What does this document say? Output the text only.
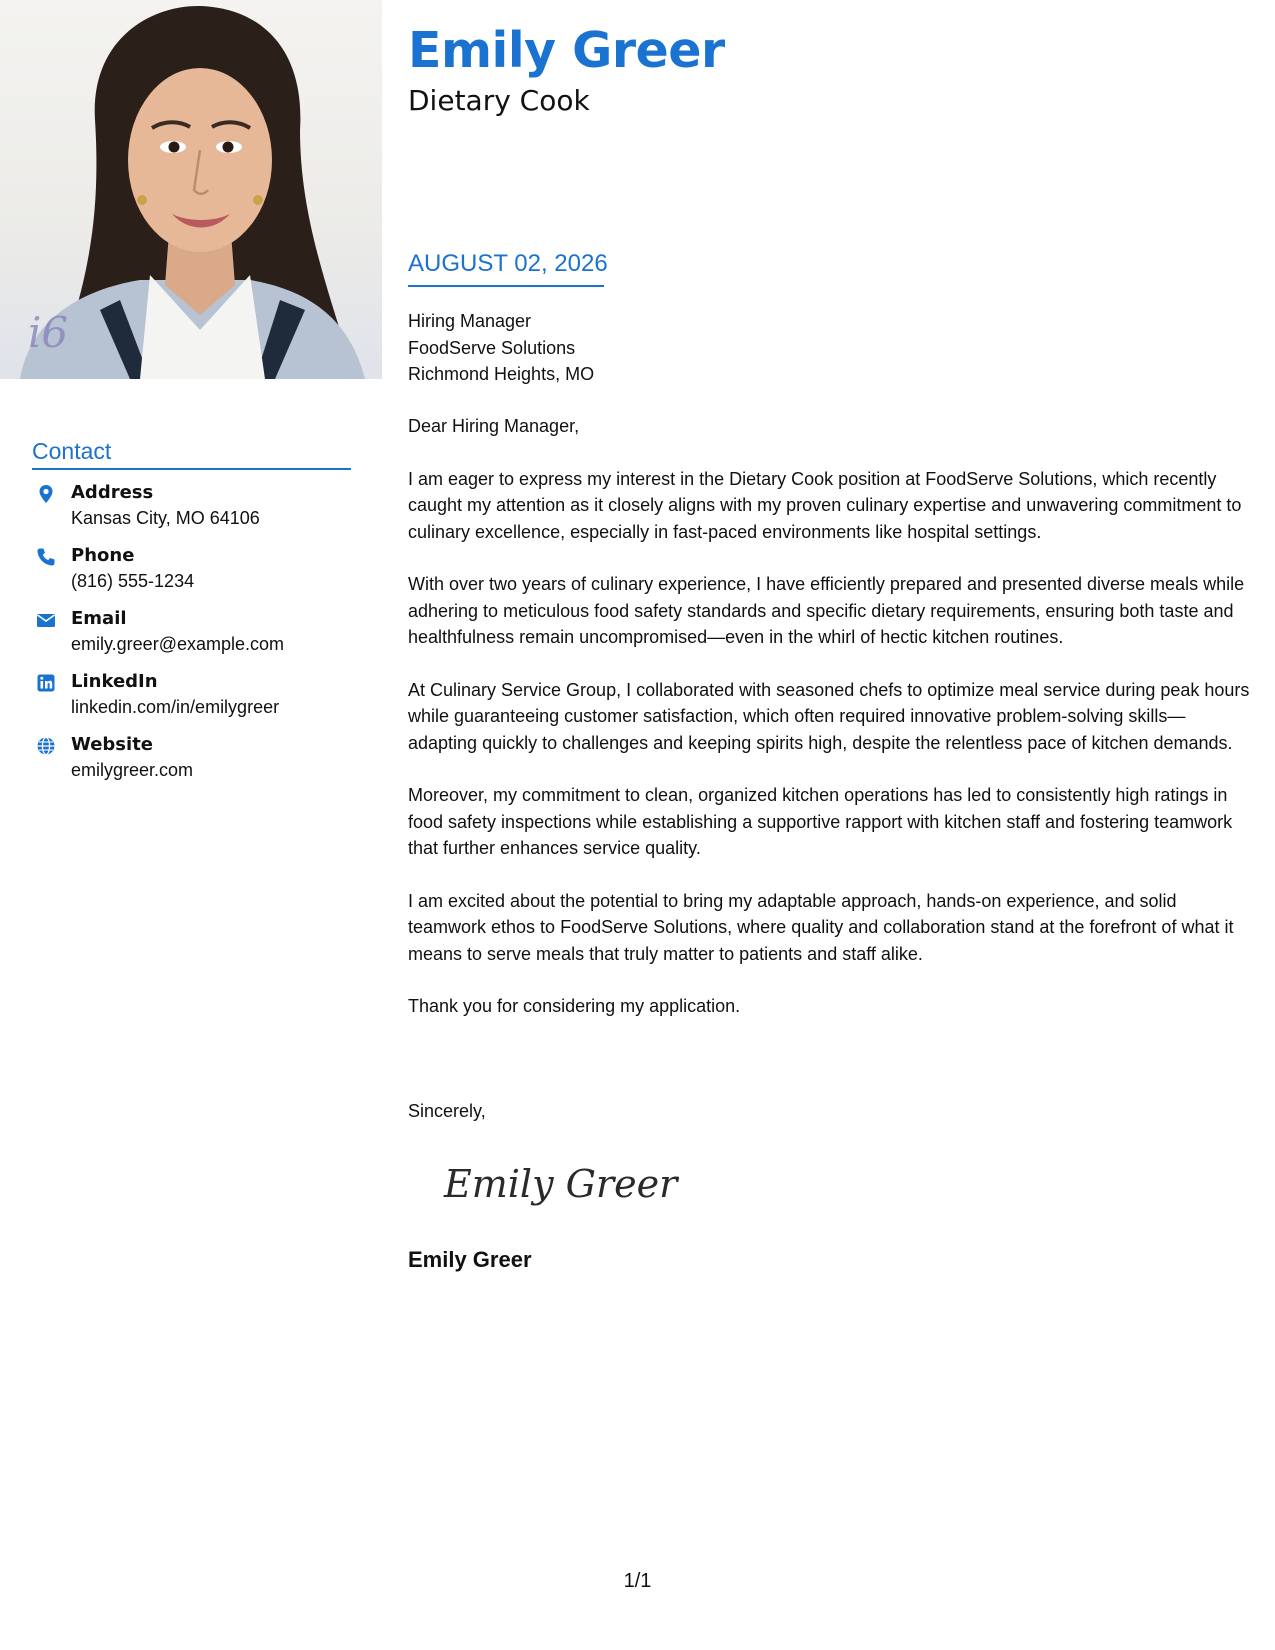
i6
Emily Greer
Dietary Cook
AUGUST 02, 2026
Hiring Manager
FoodServe Solutions
Richmond Heights, MO

Dear Hiring Manager,

I am eager to express my interest in the Dietary Cook position at FoodServe Solutions, which recently caught my attention as it closely aligns with my proven culinary expertise and unwavering commitment to culinary excellence, especially in fast-paced environments like hospital settings.

With over two years of culinary experience, I have efficiently prepared and presented diverse meals while adhering to meticulous food safety standards and specific dietary requirements, ensuring both taste and healthfulness remain uncompromised—even in the whirl of hectic kitchen routines.

At Culinary Service Group, I collaborated with seasoned chefs to optimize meal service during peak hours while guaranteeing customer satisfaction, which often required innovative problem-solving skills—adapting quickly to challenges and keeping spirits high, despite the relentless pace of kitchen demands.

Moreover, my commitment to clean, organized kitchen operations has led to consistently high ratings in food safety inspections while establishing a supportive rapport with kitchen staff and fostering teamwork that further enhances service quality.

I am excited about the potential to bring my adaptable approach, hands-on experience, and solid teamwork ethos to FoodServe Solutions, where quality and collaboration stand at the forefront of what it means to serve meals that truly matter to patients and staff alike.

Thank you for considering my application.

Sincerely,
Emily Greer
Emily Greer
Contact
Address
Kansas City, MO 64106
Phone
(816) 555-1234
Email
emily.greer@example.com
LinkedIn
linkedin.com/in/emilygreer
Website
emilygreer.com
1/1
